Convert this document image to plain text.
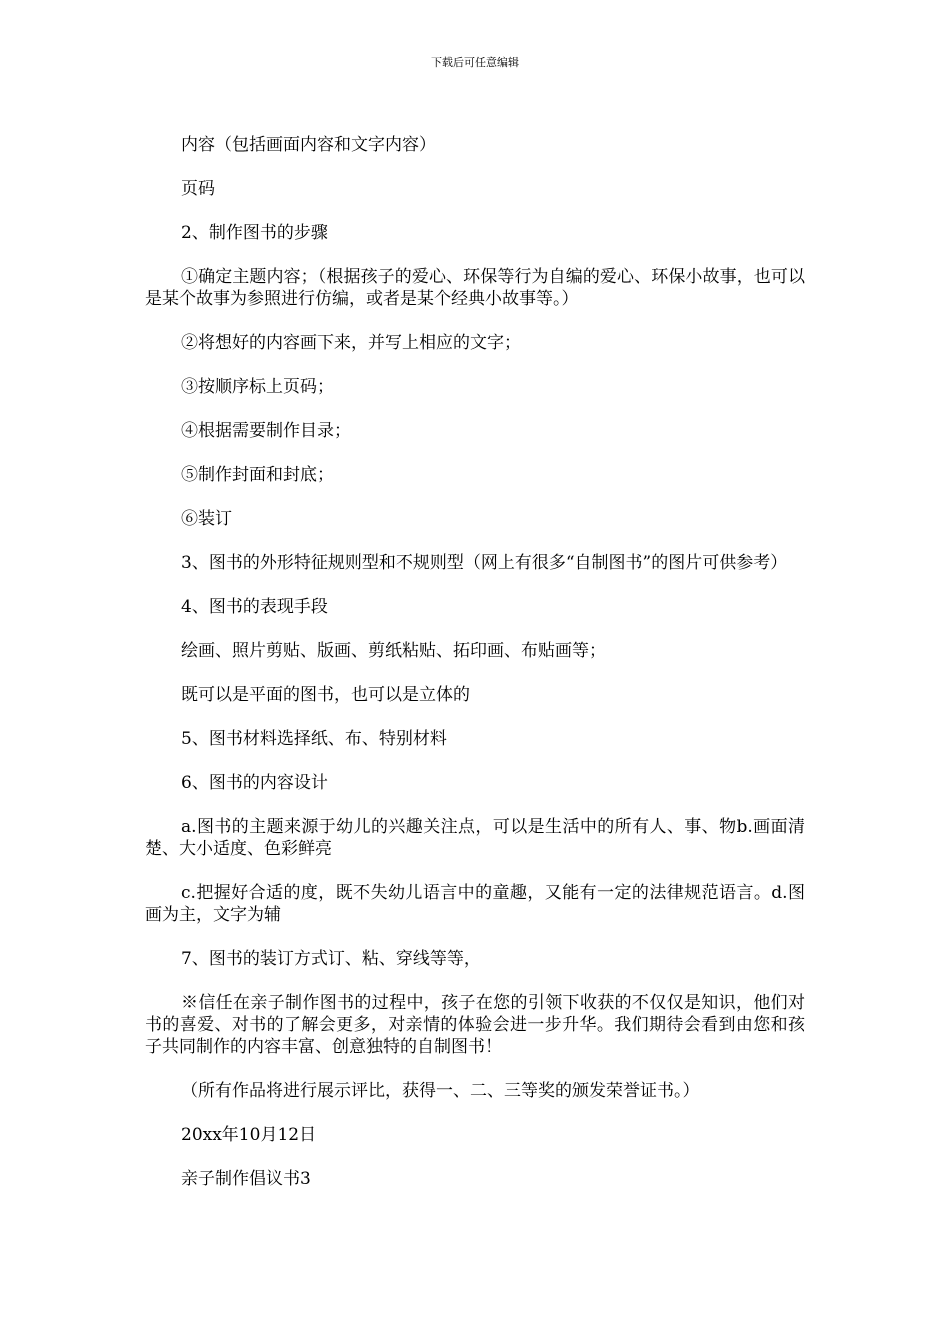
下载后可任意编辑

内容（包括画面内容和文字内容）

页码

2、制作图书的步骤

①确定主题内容；（根据孩子的爱心、环保等行为自编的爱心、环保小故事，也可以是某个故事为参照进行仿编，或者是某个经典小故事等。）

②将想好的内容画下来，并写上相应的文字；

③按顺序标上页码；

④根据需要制作目录；

⑤制作封面和封底；

⑥装订

3、图书的外形特征规则型和不规则型（网上有很多“自制图书”的图片可供参考）

4、图书的表现手段

绘画、照片剪贴、版画、剪纸粘贴、拓印画、布贴画等；

既可以是平面的图书，也可以是立体的

5、图书材料选择纸、布、特别材料

6、图书的内容设计

a.图书的主题来源于幼儿的兴趣关注点，可以是生活中的所有人、事、物b.画面清楚、大小适度、色彩鲜亮

c.把握好合适的度，既不失幼儿语言中的童趣，又能有一定的法律规范语言。d.图画为主，文字为辅

7、图书的装订方式订、粘、穿线等等，

※信任在亲子制作图书的过程中，孩子在您的引领下收获的不仅仅是知识，他们对书的喜爱、对书的了解会更多，对亲情的体验会进一步升华。我们期待会看到由您和孩子共同制作的内容丰富、创意独特的自制图书！

（所有作品将进行展示评比，获得一、二、三等奖的颁发荣誉证书。）

20xx年10月12日

亲子制作倡议书3
